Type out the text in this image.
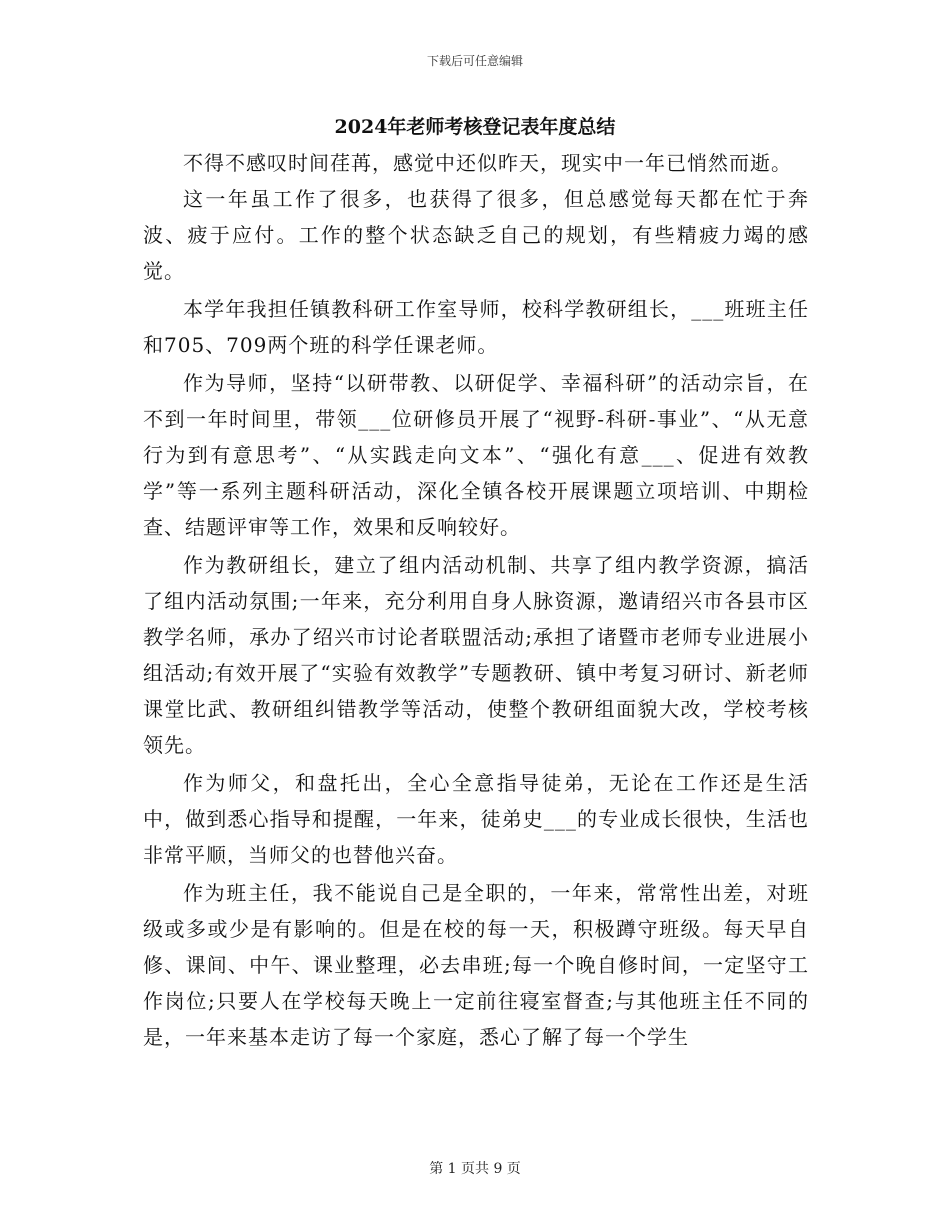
下载后可任意编辑
2024年老师考核登记表年度总结

不得不感叹时间荏苒，感觉中还似昨天，现实中一年已悄然而逝。

这一年虽工作了很多，也获得了很多，但总感觉每天都在忙于奔波、疲于应付。工作的整个状态缺乏自己的规划，有些精疲力竭的感觉。

本学年我担任镇教科研工作室导师，校科学教研组长，___班班主任和705、709两个班的科学任课老师。

作为导师，坚持“以研带教、以研促学、幸福科研”的活动宗旨，在不到一年时间里，带领___位研修员开展了“视野-科研-事业”、“从无意行为到有意思考”、“从实践走向文本”、“强化有意___、促进有效教学”等一系列主题科研活动，深化全镇各校开展课题立项培训、中期检查、结题评审等工作，效果和反响较好。

作为教研组长，建立了组内活动机制、共享了组内教学资源，搞活了组内活动氛围;一年来，充分利用自身人脉资源，邀请绍兴市各县市区教学名师，承办了绍兴市讨论者联盟活动;承担了诸暨市老师专业进展小组活动;有效开展了“实验有效教学”专题教研、镇中考复习研讨、新老师课堂比武、教研组纠错教学等活动，使整个教研组面貌大改，学校考核领先。

作为师父，和盘托出，全心全意指导徒弟，无论在工作还是生活中，做到悉心指导和提醒，一年来，徒弟史___的专业成长很快，生活也非常平顺，当师父的也替他兴奋。

作为班主任，我不能说自己是全职的，一年来，常常性出差，对班级或多或少是有影响的。但是在校的每一天，积极蹲守班级。每天早自修、课间、中午、课业整理，必去串班;每一个晚自修时间，一定坚守工作岗位;只要人在学校每天晚上一定前往寝室督查;与其他班主任不同的是，一年来基本走访了每一个家庭，悉心了解了每一个学生

第 1 页共 9 页
